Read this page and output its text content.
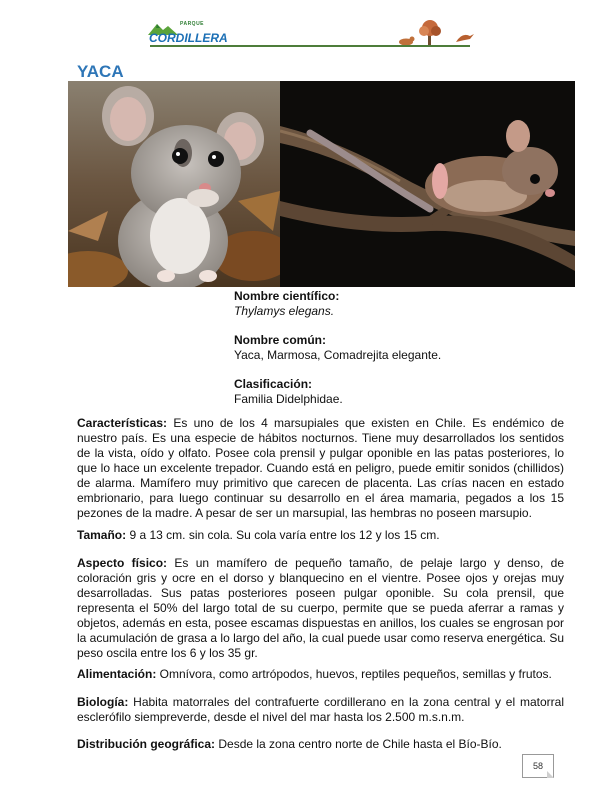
PARQUE
CORDILLERA
YACA

Nombre científico:

Thylamys elegans.

Nombre común:

Yaca, Marmosa, Comadrejita elegante.

Clasificación:

Familia Didelphidae.

Características: Es uno de los 4 marsupiales que existen en Chile. Es endémico de nuestro país. Es una especie de hábitos nocturnos. Tiene muy desarrollados los sentidos de la vista, oído y olfato. Posee cola prensil y pulgar oponible en las patas posteriores, lo que lo hace un excelente trepador. Cuando está en peligro, puede emitir sonidos (chillidos) de alarma. Mamífero muy primitivo que carecen de placenta. Las crías nacen en estado embrionario, para luego continuar su desarrollo en el área mamaria, pegados a los 15 pezones de la madre. A pesar de ser un marsupial, las hembras no poseen marsupio.

Tamaño: 9 a 13 cm. sin cola. Su cola varía entre los 12 y los 15 cm.

Aspecto físico: Es un mamífero de pequeño tamaño, de pelaje largo y denso, de coloración gris y ocre en el dorso y blanquecino en el vientre. Posee ojos y orejas muy desarrolladas. Sus patas posteriores poseen pulgar oponible. Su cola prensil, que representa el 50% del largo total de su cuerpo, permite que se pueda aferrar a ramas y objetos, además en esta, posee escamas dispuestas en anillos, los cuales se engrosan por la acumulación de grasa a lo largo del año, la cual puede usar como reserva energética. Su peso oscila entre los 6 y los 35 gr.

Alimentación: Omnívora, como artrópodos, huevos, reptiles pequeños, semillas y frutos.

Biología: Habita matorrales del contrafuerte cordillerano en la zona central y el matorral esclerófilo siempreverde, desde el nivel del mar hasta los 2.500 m.s.n.m.

Distribución geográfica: Desde la zona centro norte de Chile hasta el Bío-Bío.

58
